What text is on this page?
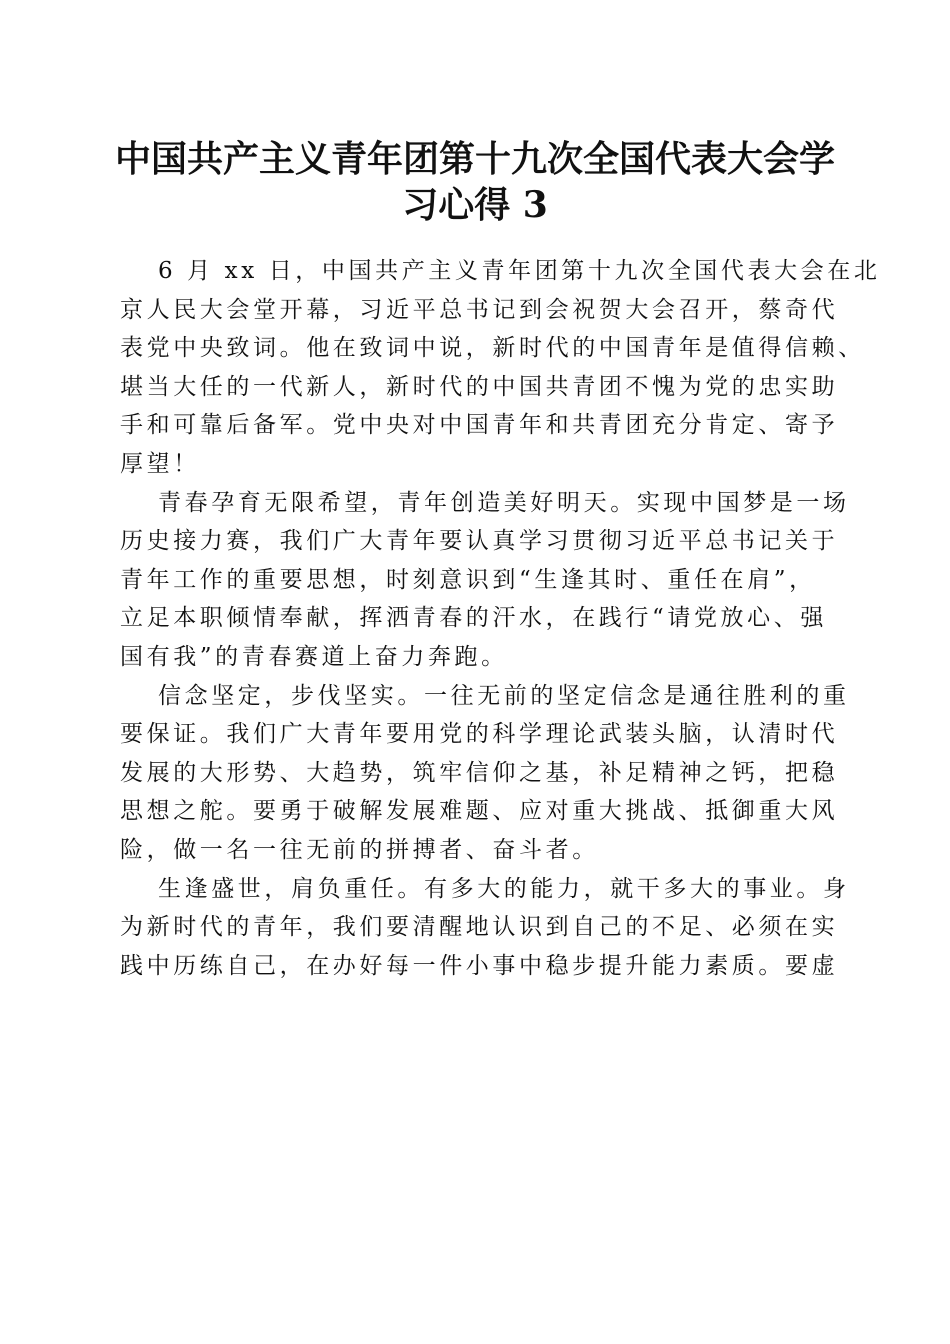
中国共产主义青年团第十九次全国代表大会学
习心得 3
6 月 xx 日，中国共产主义青年团第十九次全国代表大会在北
京人民大会堂开幕，习近平总书记到会祝贺大会召开，蔡奇代
表党中央致词。他在致词中说，新时代的中国青年是值得信赖、
堪当大任的一代新人，新时代的中国共青团不愧为党的忠实助
手和可靠后备军。党中央对中国青年和共青团充分肯定、寄予
厚望！
青春孕育无限希望，青年创造美好明天。实现中国梦是一场
历史接力赛，我们广大青年要认真学习贯彻习近平总书记关于
青年工作的重要思想，时刻意识到“生逢其时、重任在肩”，
立足本职倾情奉献，挥洒青春的汗水，在践行“请党放心、强
国有我”的青春赛道上奋力奔跑。
信念坚定，步伐坚实。一往无前的坚定信念是通往胜利的重
要保证。我们广大青年要用党的科学理论武装头脑，认清时代
发展的大形势、大趋势，筑牢信仰之基，补足精神之钙，把稳
思想之舵。要勇于破解发展难题、应对重大挑战、抵御重大风
险，做一名一往无前的拼搏者、奋斗者。
生逢盛世，肩负重任。有多大的能力，就干多大的事业。身
为新时代的青年，我们要清醒地认识到自己的不足、必须在实
践中历练自己，在办好每一件小事中稳步提升能力素质。要虚
